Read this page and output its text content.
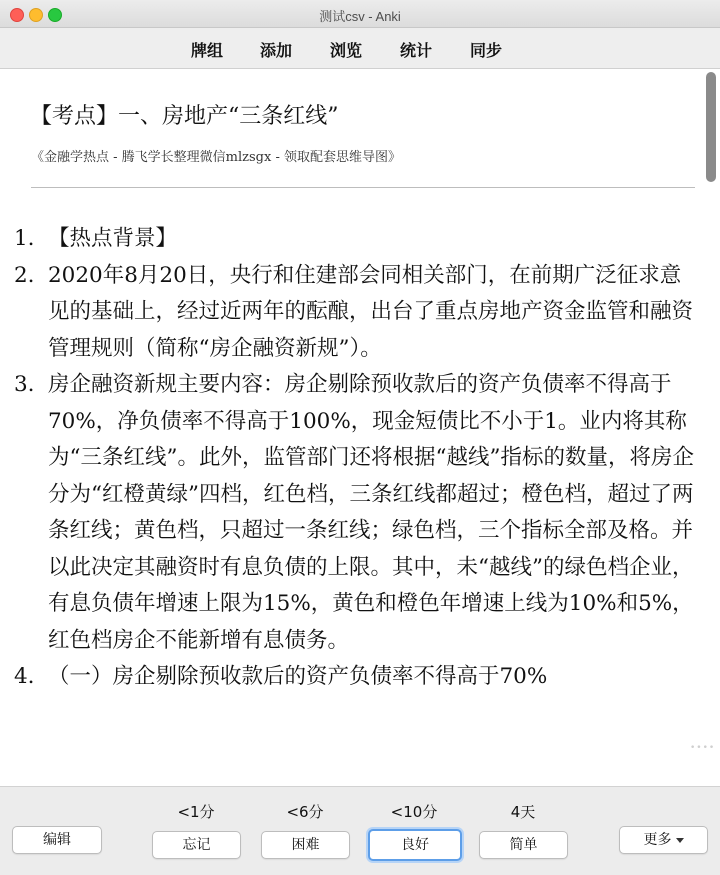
测试csv - Anki
牌组 添加 浏览 统计 同步
【考点】一、房地产“三条红线”
《金融学热点 - 腾飞学长整理微信mlzsgx - 领取配套思维导图》
1. 【热点背景】
2. 2020年8月20日，央行和住建部会同相关部门，在前期广泛征求意见的基础上，经过近两年的酝酿，出台了重点房地产资金监管和融资管理规则（简称“房企融资新规”）。
3. 房企融资新规主要内容：房企剔除预收款后的资产负债率不得高于70%，净负债率不得高于100%，现金短债比不小于1。业内将其称为“三条红线”。此外，监管部门还将根据“越线”指标的数量，将房企分为“红橙黄绿”四档，红色档，三条红线都超过；橙色档，超过了两条红线；黄色档，只超过一条红线；绿色档，三个指标全部及格。并以此决定其融资时有息负债的上限。其中，未“越线”的绿色档企业，有息负债年增速上限为15%，黄色和橙色年增速上线为10%和5%，红色档房企不能新增有息债务。
4. （一）房企剔除预收款后的资产负债率不得高于70%
••••
编辑
<1分	<6分	<10分	4天
忘记	困难	良好	简单	更多
